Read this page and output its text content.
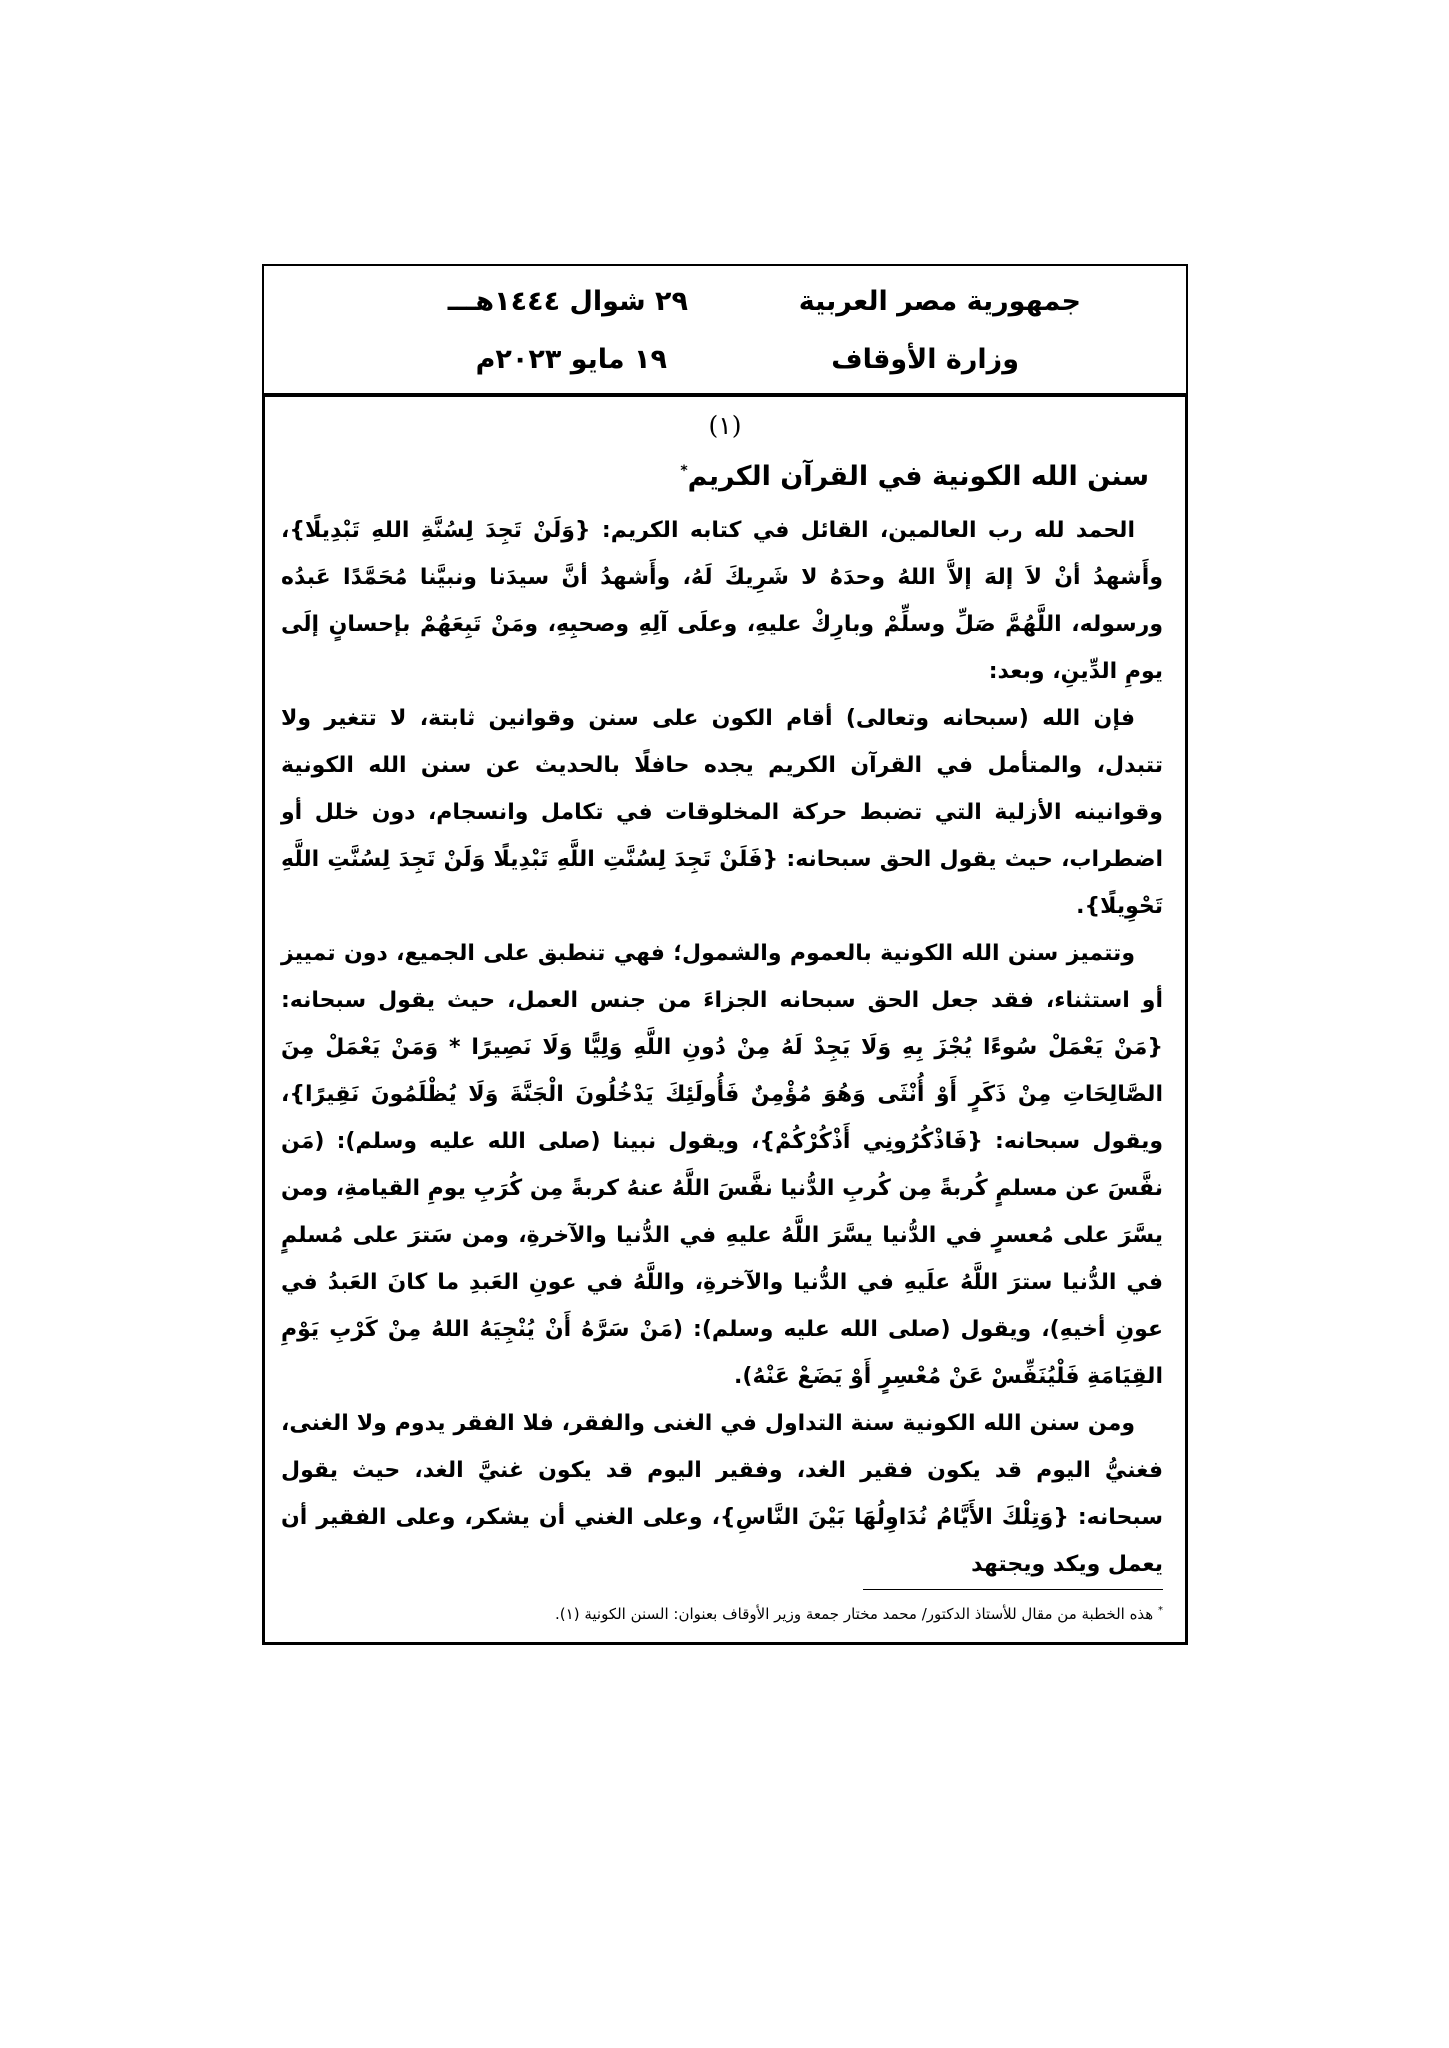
جمهورية مصر العربية
وزارة الأوقاف
٢٩ شوال ١٤٤٤هـــ
١٩ مايو ٢٠٢٣م
(١)
سنن الله الكونية في القرآن الكريم*

الحمد لله رب العالمين، القائل في كتابه الكريم: {وَلَنْ تَجِدَ لِسُنَّةِ اللهِ تَبْدِيلًا}، وأَشهدُ أنْ لاَ إلهَ إلاَّ اللهُ وحدَهُ لا شَرِيكَ لَهُ، وأَشهدُ أنَّ سيدَنا ونبيَّنا مُحَمَّدًا عَبدُه ورسوله، اللَّهُمَّ صَلِّ وسلِّمْ وبارِكْ عليهِ، وعلَى آلِهِ وصحبِهِ، ومَنْ تَبِعَهُمْ بإحسانٍ إلَى يومِ الدِّينِ، وبعد:

فإن الله (سبحانه وتعالى) أقام الكون على سنن وقوانين ثابتة، لا تتغير ولا تتبدل، والمتأمل في القرآن الكريم يجده حافلًا بالحديث عن سنن الله الكونية وقوانينه الأزلية التي تضبط حركة المخلوقات في تكامل وانسجام، دون خلل أو اضطراب، حيث يقول الحق سبحانه: {فَلَنْ تَجِدَ لِسُنَّتِ اللَّهِ تَبْدِيلًا وَلَنْ تَجِدَ لِسُنَّتِ اللَّهِ تَحْوِيلًا}.

وتتميز سنن الله الكونية بالعموم والشمول؛ فهي تنطبق على الجميع، دون تمييز أو استثناء، فقد جعل الحق سبحانه الجزاءَ من جنس العمل، حيث يقول سبحانه: {مَنْ يَعْمَلْ سُوءًا يُجْزَ بِهِ وَلَا يَجِدْ لَهُ مِنْ دُونِ اللَّهِ وَلِيًّا وَلَا نَصِيرًا * وَمَنْ يَعْمَلْ مِنَ الصَّالِحَاتِ مِنْ ذَكَرٍ أَوْ أُنْثَى وَهُوَ مُؤْمِنٌ فَأُولَئِكَ يَدْخُلُونَ الْجَنَّةَ وَلَا يُظْلَمُونَ نَقِيرًا}، ويقول سبحانه: {فَاذْكُرُونِي أَذْكُرْكُمْ}، ويقول نبينا (صلى الله عليه وسلم): (مَن نفَّسَ عن مسلمٍ كُربةً مِن كُربِ الدُّنيا نفَّسَ اللَّهُ عنهُ كربةً مِن كُرَبِ يومِ القيامةِ، ومن يسَّرَ على مُعسرٍ في الدُّنيا يسَّرَ اللَّهُ عليهِ في الدُّنيا والآخرةِ، ومن سَترَ على مُسلمٍ في الدُّنيا سترَ اللَّهُ علَيهِ في الدُّنيا والآخرةِ، واللَّهُ في عونِ العَبدِ ما كانَ العَبدُ في عونِ أخيهِ)، ويقول (صلى الله عليه وسلم): (مَنْ سَرَّهُ أَنْ يُنْجِيَهُ اللهُ مِنْ كَرْبِ يَوْمِ القِيَامَةِ فَلْيُنَفِّسْ عَنْ مُعْسِرٍ أَوْ يَضَعْ عَنْهُ).

ومن سنن الله الكونية سنة التداول في الغنى والفقر، فلا الفقر يدوم ولا الغنى، فغنيُّ اليوم قد يكون فقير الغد، وفقير اليوم قد يكون غنيَّ الغد، حيث يقول سبحانه: {وَتِلْكَ الأَيَّامُ نُدَاوِلُهَا بَيْنَ النَّاسِ}، وعلى الغني أن يشكر، وعلى الفقير أن يعمل ويكد ويجتهد

* هذه الخطبة من مقال للأستاذ الدكتور/ محمد مختار جمعة وزير الأوقاف بعنوان: السنن الكونية (١).
